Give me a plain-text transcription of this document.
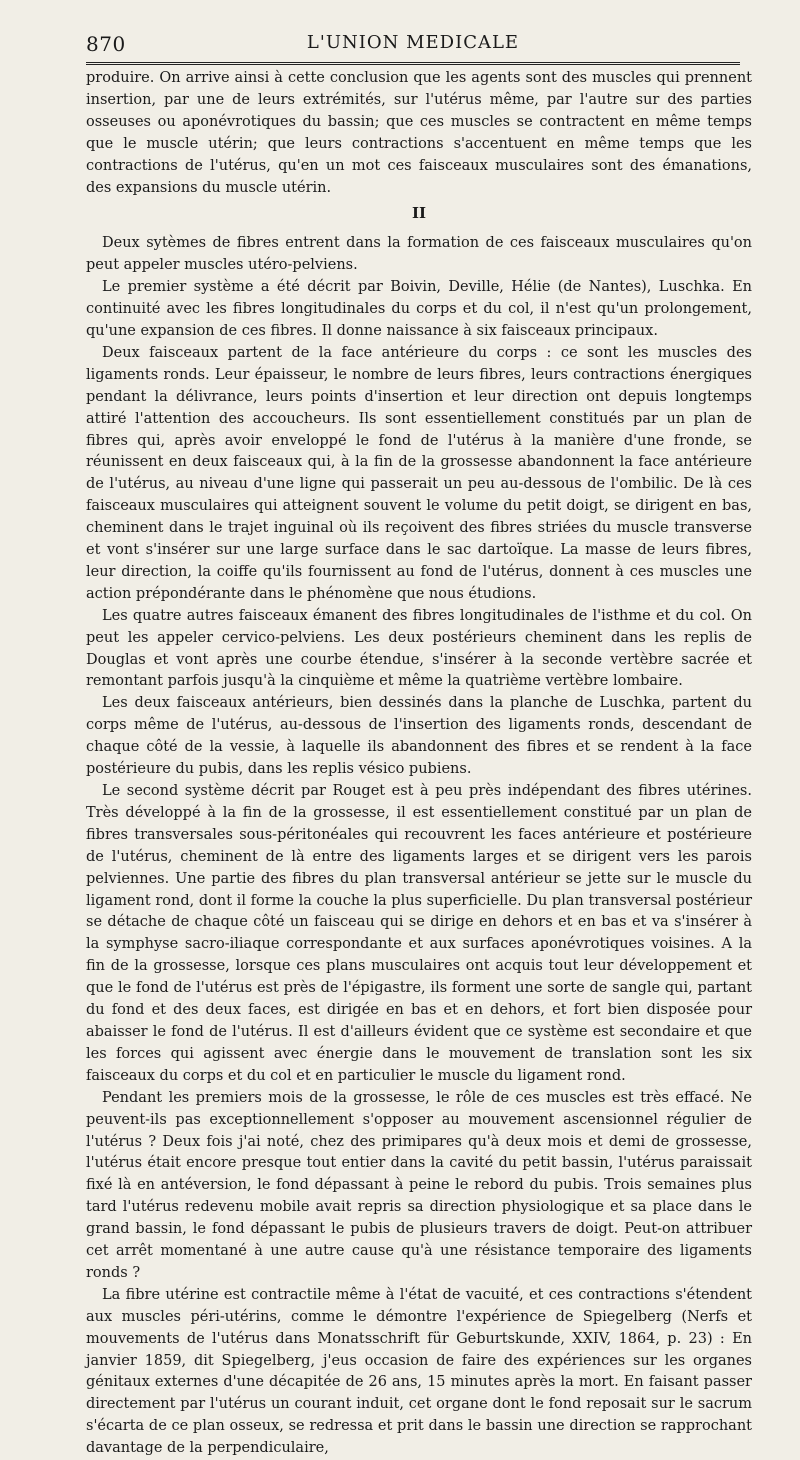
870	L'UNION MEDICALE

produire. On arrive ainsi à cette conclusion que les agents sont des muscles qui prennent insertion, par une de leurs extrémités, sur l'utérus même, par l'autre sur des parties osseuses ou aponévrotiques du bassin; que ces muscles se contractent en même temps que le muscle utérin; que leurs contractions s'accentuent en même temps que les contractions de l'utérus, qu'en un mot ces faisceaux musculaires sont des émanations, des expansions du muscle utérin.

II

Deux sytèmes de fibres entrent dans la formation de ces faisceaux musculaires qu'on peut appeler muscles utéro-pelviens.

Le premier système a été décrit par Boivin, Deville, Hélie (de Nantes), Luschka. En continuité avec les fibres longitudinales du corps et du col, il n'est qu'un prolongement, qu'une expansion de ces fibres. Il donne naissance à six faisceaux principaux.

Deux faisceaux partent de la face antérieure du corps : ce sont les muscles des ligaments ronds. Leur épaisseur, le nombre de leurs fibres, leurs contractions énergiques pendant la délivrance, leurs points d'insertion et leur direction ont depuis longtemps attiré l'attention des accoucheurs. Ils sont essentiellement constitués par un plan de fibres qui, après avoir enveloppé le fond de l'utérus à la manière d'une fronde, se réunissent en deux faisceaux qui, à la fin de la grossesse abandonnent la face antérieure de l'utérus, au niveau d'une ligne qui passerait un peu au-dessous de l'ombilic. De là ces faisceaux musculaires qui atteignent souvent le volume du petit doigt, se dirigent en bas, cheminent dans le trajet inguinal où ils reçoivent des fibres striées du muscle transverse et vont s'insérer sur une large surface dans le sac dartoïque. La masse de leurs fibres, leur direction, la coiffe qu'ils fournissent au fond de l'utérus, donnent à ces muscles une action prépondérante dans le phénomène que nous étudions.

Les quatre autres faisceaux émanent des fibres longitudinales de l'isthme et du col. On peut les appeler cervico-pelviens. Les deux postérieurs cheminent dans les replis de Douglas et vont après une courbe étendue, s'insérer à la seconde vertèbre sacrée et remontant parfois jusqu'à la cinquième et même la quatrième vertèbre lombaire.

Les deux faisceaux antérieurs, bien dessinés dans la planche de Luschka, partent du corps même de l'utérus, au-dessous de l'insertion des ligaments ronds, descendant de chaque côté de la vessie, à laquelle ils abandonnent des fibres et se rendent à la face postérieure du pubis, dans les replis vésico pubiens.

Le second système décrit par Rouget est à peu près indépendant des fibres utérines. Très développé à la fin de la grossesse, il est essentiellement constitué par un plan de fibres transversales sous-péritonéales qui recouvrent les faces antérieure et postérieure de l'utérus, cheminent de là entre des ligaments larges et se dirigent vers les parois pelviennes. Une partie des fibres du plan transversal antérieur se jette sur le muscle du ligament rond, dont il forme la couche la plus superficielle. Du plan transversal postérieur se détache de chaque côté un faisceau qui se dirige en dehors et en bas et va s'insérer à la symphyse sacro-iliaque correspondante et aux surfaces aponévrotiques voisines. A la fin de la grossesse, lorsque ces plans musculaires ont acquis tout leur développement et que le fond de l'utérus est près de l'épigastre, ils forment une sorte de sangle qui, partant du fond et des deux faces, est dirigée en bas et en dehors, et fort bien disposée pour abaisser le fond de l'utérus. Il est d'ailleurs évident que ce système est secondaire et que les forces qui agissent avec énergie dans le mouvement de translation sont les six faisceaux du corps et du col et en particulier le muscle du ligament rond.

Pendant les premiers mois de la grossesse, le rôle de ces muscles est très effacé. Ne peuvent-ils pas exceptionnellement s'opposer au mouvement ascensionnel régulier de l'utérus ? Deux fois j'ai noté, chez des primipares qu'à deux mois et demi de grossesse, l'utérus était encore presque tout entier dans la cavité du petit bassin, l'utérus paraissait fixé là en antéversion, le fond dépassant à peine le rebord du pubis. Trois semaines plus tard l'utérus redevenu mobile avait repris sa direction physiologique et sa place dans le grand bassin, le fond dépassant le pubis de plusieurs travers de doigt. Peut-on attribuer cet arrêt momentané à une autre cause qu'à une résistance temporaire des ligaments ronds ?

La fibre utérine est contractile même à l'état de vacuité, et ces contractions s'étendent aux muscles péri-utérins, comme le démontre l'expérience de Spiegelberg (Nerfs et mouvements de l'utérus dans Monatsschrift für Geburtskunde, XXIV, 1864, p. 23) : En janvier 1859, dit Spiegelberg, j'eus occasion de faire des expériences sur les organes génitaux externes d'une décapitée de 26 ans, 15 minutes après la mort. En faisant passer directement par l'utérus un courant induit, cet organe dont le fond reposait sur le sacrum s'écarta de ce plan osseux, se redressa et prit dans le bassin une direction se rapprochant davantage de la perpendiculaire,
